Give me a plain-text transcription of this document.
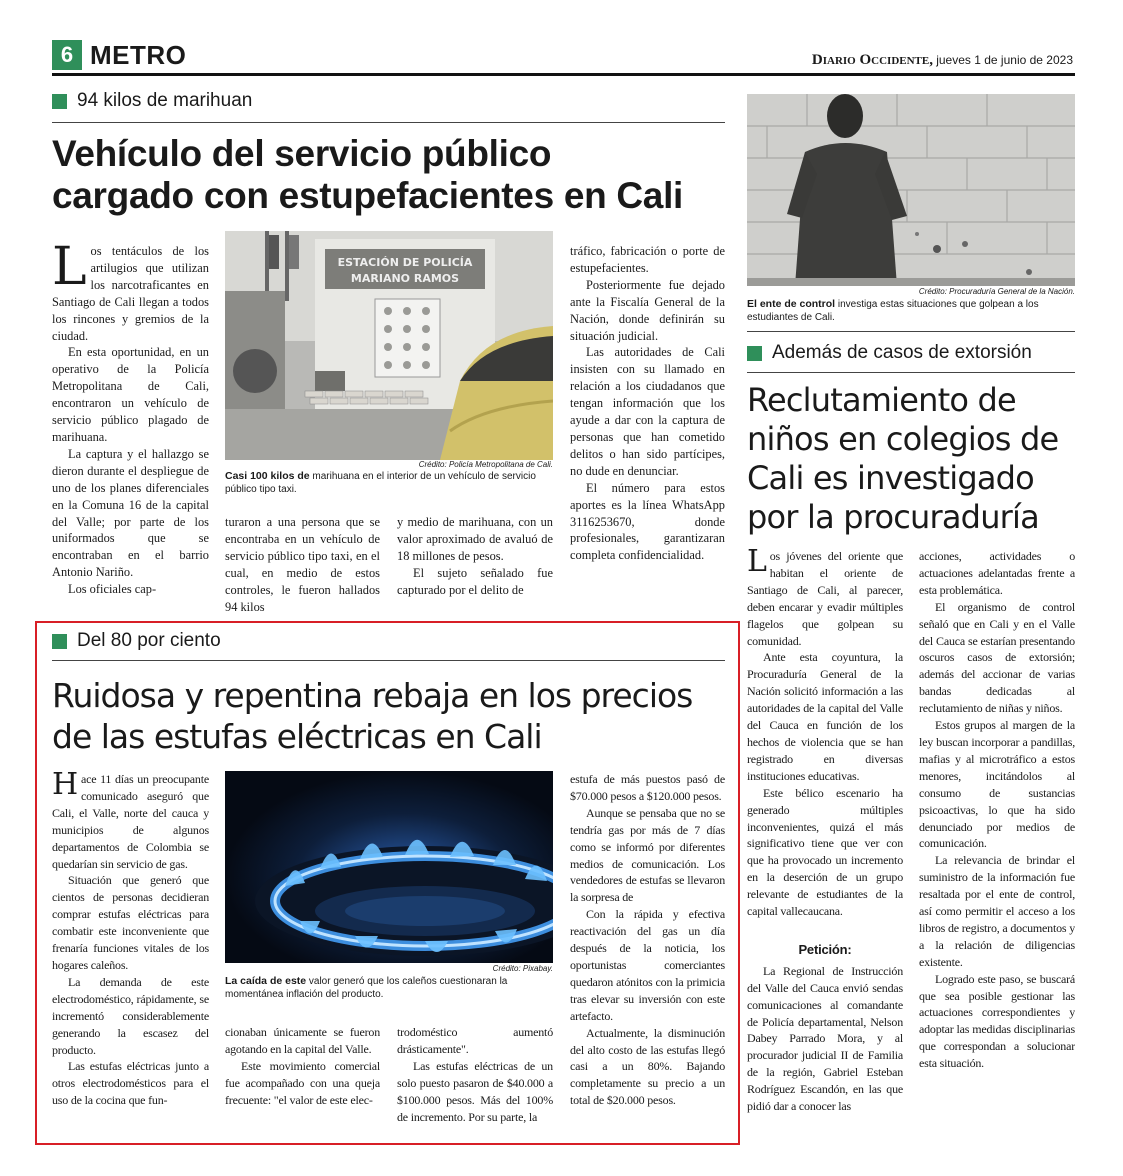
6 METRO	Diario Occidente, jueves 1 de junio de 2023
94 kilos de marihuan
Vehículo del servicio público
cargado con estupefacientes en Cali
ESTACIÓN DE POLICÍA
MARIANO RAMOS
Crédito: Policía Metropolitana de Cali.
Casi 100 kilos de marihuana en el interior de un vehículo de servicio público tipo taxi.

Los tentáculos de los artilugios que utilizan los narcotraficantes en Santiago de Cali llegan a todos los rincones y gremios de la ciudad.

En esta oportunidad, en un operativo de la Policía Metropolitana de Cali, encontraron un vehículo de servicio público plagado de marihuana.

La captura y el hallazgo se dieron durante el despliegue de uno de los planes diferenciales en la Comuna 16 de la capital del Valle; por parte de los uniformados que se encontraban en el barrio Antonio Nariño.

Los oficiales cap-

turaron a una persona que se encontraba en un vehículo de servicio público tipo taxi, en el cual, en medio de estos controles, le fueron hallados 94 kilos

y medio de marihuana, con un valor aproximado de avaluó de 18 millones de pesos.

El sujeto señalado fue capturado por el delito de

tráfico, fabricación o porte de estupefacientes.

Posteriormente fue dejado ante la Fiscalía General de la Nación, donde definirán su situación judicial.

Las autoridades de Cali insisten con su llamado en relación a los ciudadanos que tengan información que los ayude a dar con la captura de personas que han cometido delitos o han sido partícipes, no dude en denunciar.

El número para estos aportes es la línea WhatsApp 3116253670, donde profesionales, garantizaran completa confidencialidad.

Crédito: Procuraduría General de la Nación.
El ente de control investiga estas situaciones que golpean a los estudiantes de Cali.
Además de casos de extorsión
Reclutamiento de
niños en colegios de
Cali es investigado
por la procuraduría

Los jóvenes del oriente que habitan el oriente de Santiago de Cali, al parecer, deben encarar y evadir múltiples flagelos que golpean su comunidad.

Ante esta coyuntura, la Procuraduría General de la Nación solicitó información a las autoridades de la capital del Valle del Cauca en función de los hechos de violencia que se han registrado en diversas instituciones educativas.

Este bélico escenario ha generado múltiples inconvenientes, quizá el más significativo tiene que ver con que ha provocado un incremento en la deserción de un grupo relevante de estudiantes de la capital vallecaucana.

Petición:

La Regional de Instrucción del Valle del Cauca envió sendas comunicaciones al comandante de Policía departamental, Nelson Dabey Parrado Mora, y al procurador judicial II de Familia de la región, Gabriel Esteban Rodríguez Escandón, en las que pidió dar a conocer las

acciones, actividades o actuaciones adelantadas frente a esta problemática.

El organismo de control señaló que en Cali y en el Valle del Cauca se estarían presentando oscuros casos de extorsión; además del accionar de varias bandas dedicadas al reclutamiento de niñas y niños.

Estos grupos al margen de la ley buscan incorporar a pandillas, mafias y al microtráfico a estos menores, incitándolos al consumo de sustancias psicoactivas, lo que ha sido denunciado por medios de comunicación.

La relevancia de brindar el suministro de la información fue resaltada por el ente de control, así como permitir el acceso a los libros de registro, a documentos y a la relación de diligencias existente.

Logrado este paso, se buscará que sea posible gestionar las actuaciones correspondientes y adoptar las medidas disciplinarias que correspondan a solucionar esta situación.

Del 80 por ciento
Ruidosa y repentina rebaja en los precios
de las estufas eléctricas en Cali
Crédito: Pixabay.
La caída de este valor generó que los caleños cuestionaran la momentánea inflación del producto.

Hace 11 días un preocupante comunicado aseguró que Cali, el Valle, norte del cauca y municipios de algunos departamentos de Colombia se quedarían sin servicio de gas.

Situación que generó que cientos de personas decidieran comprar estufas eléctricas para combatir este inconveniente que frenaría funciones vitales de los hogares caleños.

La demanda de este electrodoméstico, rápidamente, se incrementó considerablemente generando la escasez del producto.

Las estufas eléctricas junto a otros electrodomésticos para el uso de la cocina que fun-

cionaban únicamente se fueron agotando en la capital del Valle.

Este movimiento comercial fue acompañado con una queja frecuente: "el valor de este elec-

trodoméstico aumentó drásticamente".

Las estufas eléctricas de un solo puesto pasaron de $40.000 a $100.000 pesos. Más del 100% de incremento. Por su parte, la

estufa de más puestos pasó de $70.000 pesos a $120.000 pesos.

Aunque se pensaba que no se tendría gas por más de 7 días como se informó por diferentes medios de comunicación. Los vendedores de estufas se llevaron la sorpresa de

Con la rápida y efectiva reactivación del gas un día después de la noticia, los oportunistas comerciantes quedaron atónitos con la primicia tras elevar su inversión con este artefacto.

Actualmente, la disminución del alto costo de las estufas llegó casi a un 80%. Bajando completamente su precio a un total de $20.000 pesos.
